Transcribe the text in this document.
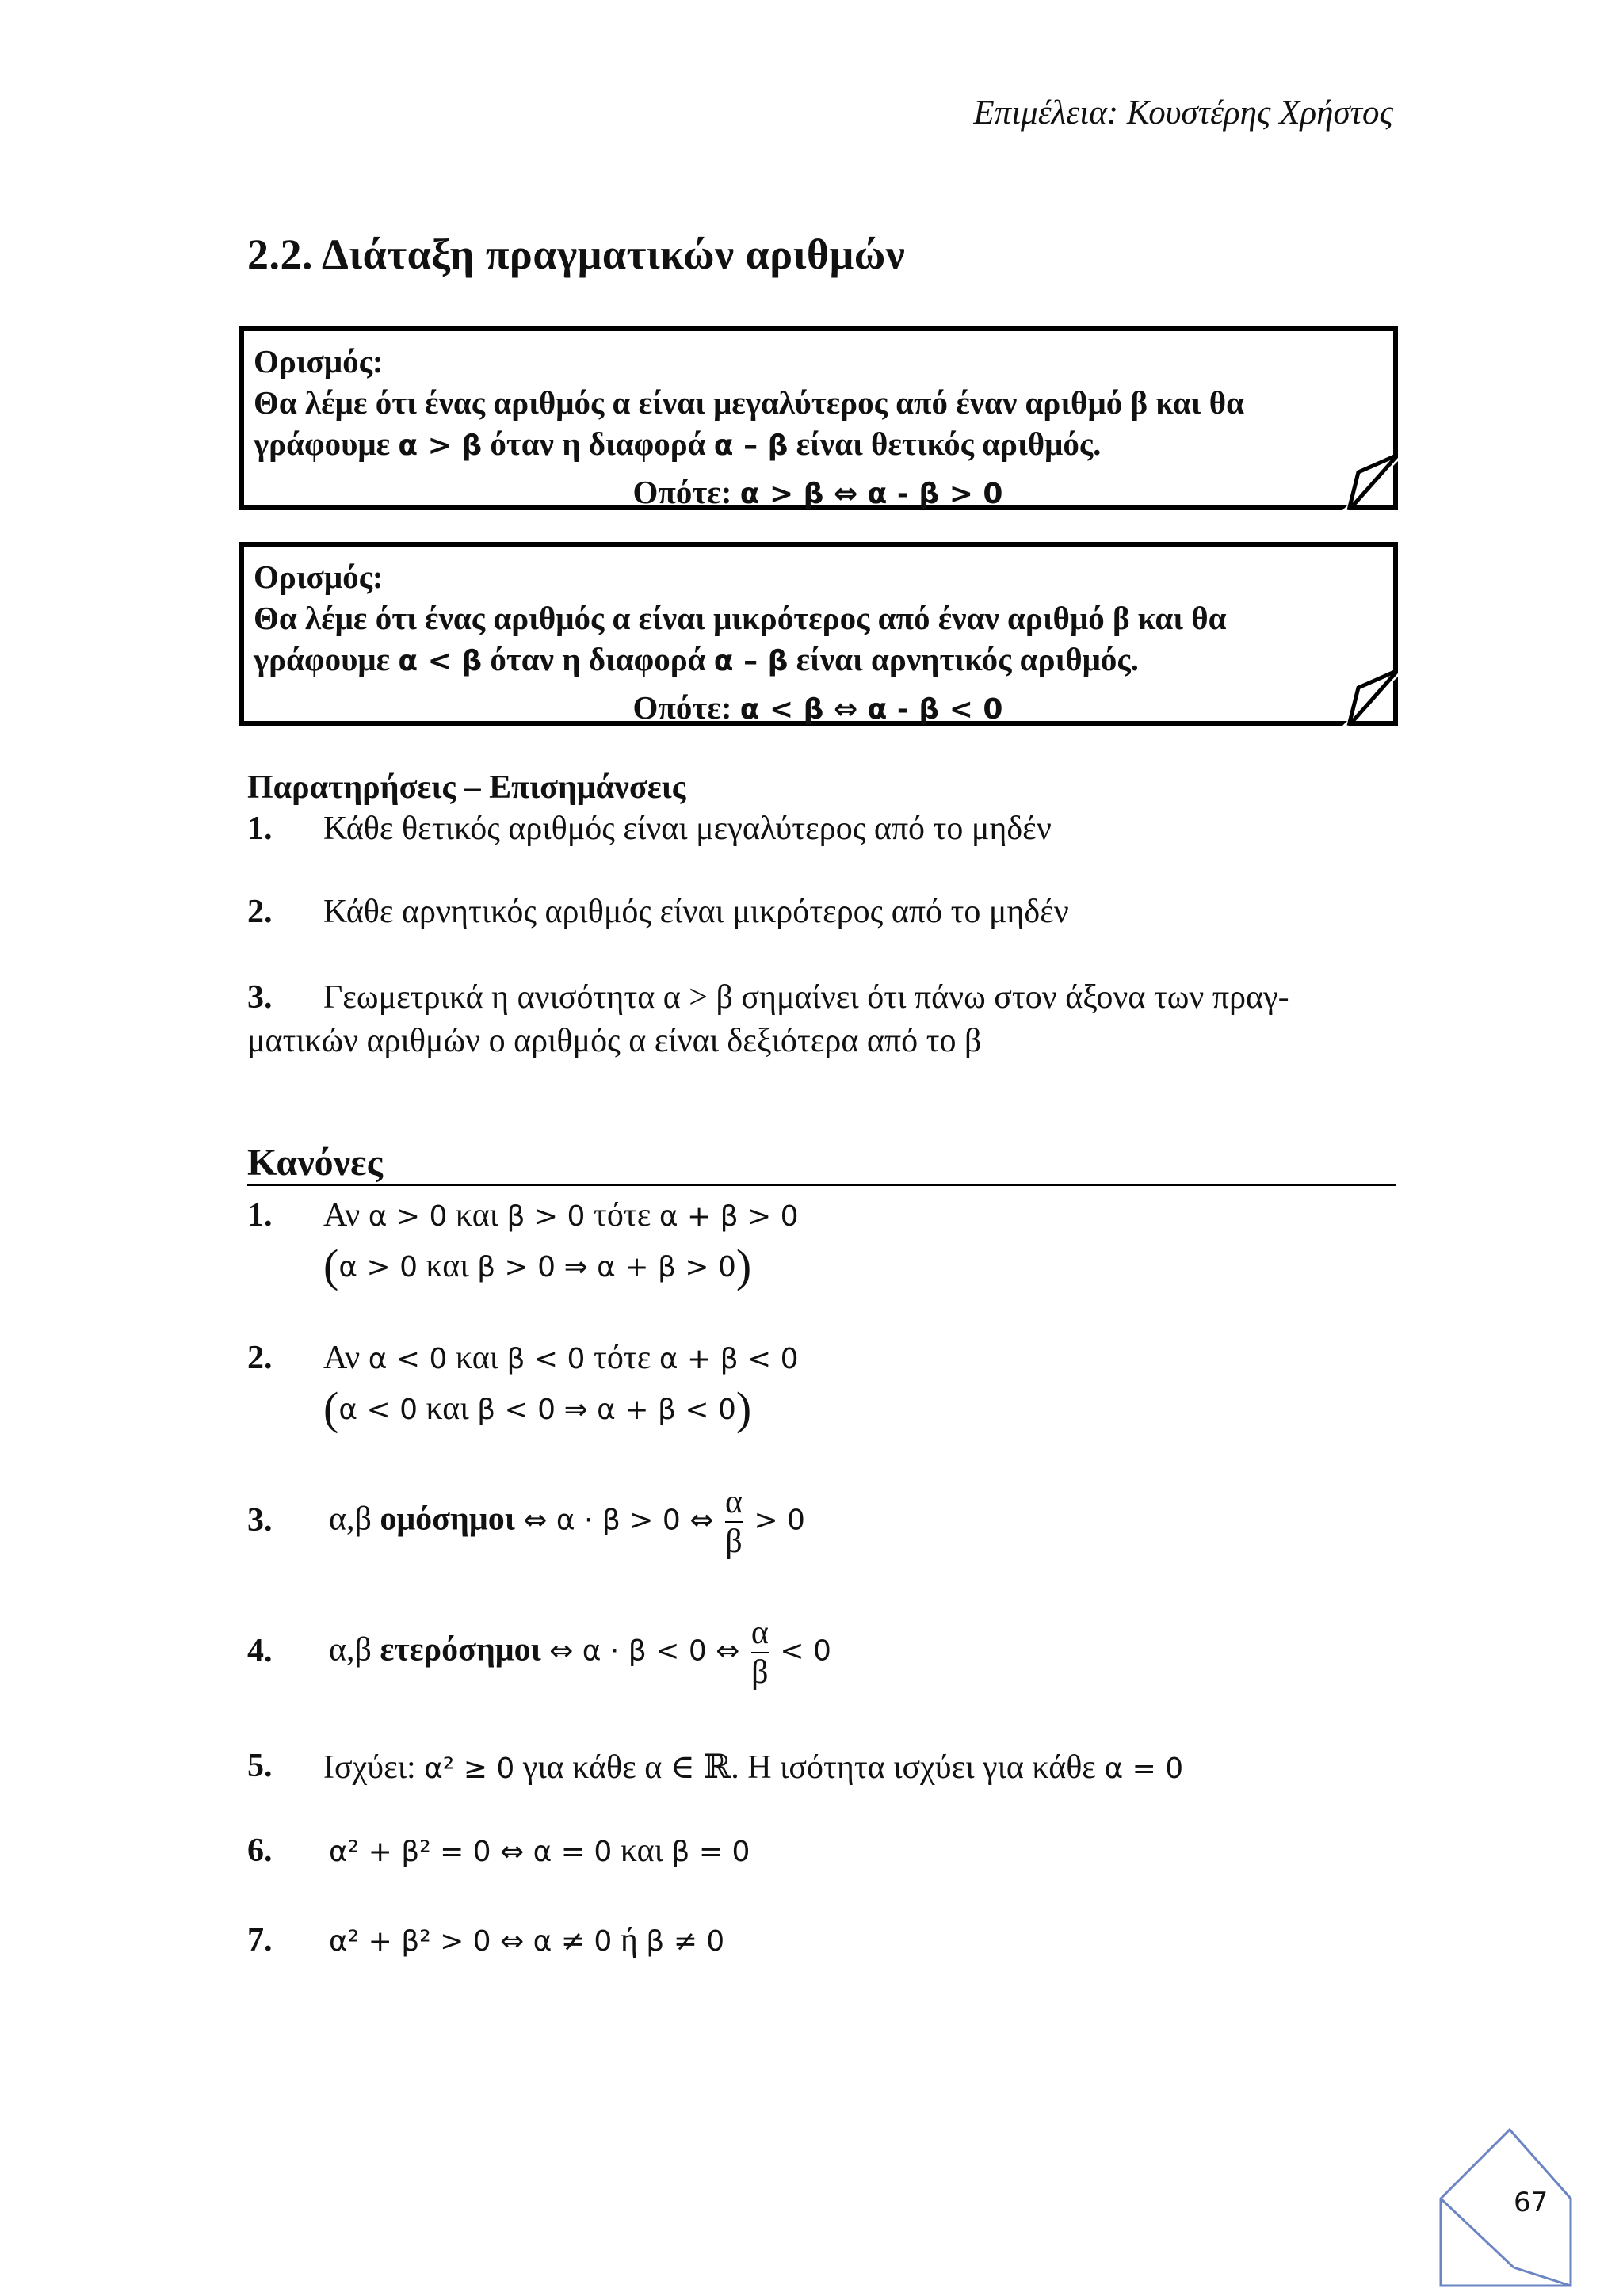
Επιμέλεια: Κουστέρης Χρήστος
2.2. Διάταξη πραγματικών αριθμών
Ορισμός:
Θα λέμε ότι ένας αριθμός α είναι μεγαλύτερος από έναν αριθμό β και θα
γράφουμε α > β όταν η διαφορά α – β είναι θετικός αριθμός.
Οπότε: α > β ⇔ α - β > 0
Ορισμός:
Θα λέμε ότι ένας αριθμός α είναι μικρότερος από έναν αριθμό β και θα
γράφουμε α < β όταν η διαφορά α – β είναι αρνητικός αριθμός.
Οπότε: α < β ⇔ α - β < 0
Παρατηρήσεις – Επισημάνσεις
1. Κάθε θετικός αριθμός είναι μεγαλύτερος από το μηδέν
2. Κάθε αρνητικός αριθμός είναι μικρότερος από το μηδέν
3. Γεωμετρικά η ανισότητα α > β σημαίνει ότι πάνω στον άξονα των πραγ-
ματικών αριθμών ο αριθμός α είναι δεξιότερα από το β
Κανόνες
1. Αν α > 0 και β > 0 τότε α + β > 0
(α > 0 και β > 0 ⇒ α + β > 0)
2. Αν α < 0 και β < 0 τότε α + β < 0
(α < 0 και β < 0 ⇒ α + β < 0)
3. α,β ομόσημοι ⇔ α · β > 0 ⇔ $\frac{\alpha}{\beta} > 0$
4. α,β ετερόσημοι ⇔ α · β < 0 ⇔ $\frac{\alpha}{\beta} < 0$
5. Ισχύει: α² ≥ 0 για κάθε α ∈ ℝ. Η ισότητα ισχύει για κάθε α = 0
6. α² + β² = 0 ⇔ α = 0 και β = 0
7. α² + β² > 0 ⇔ α ≠ 0 ή β ≠ 0
67
